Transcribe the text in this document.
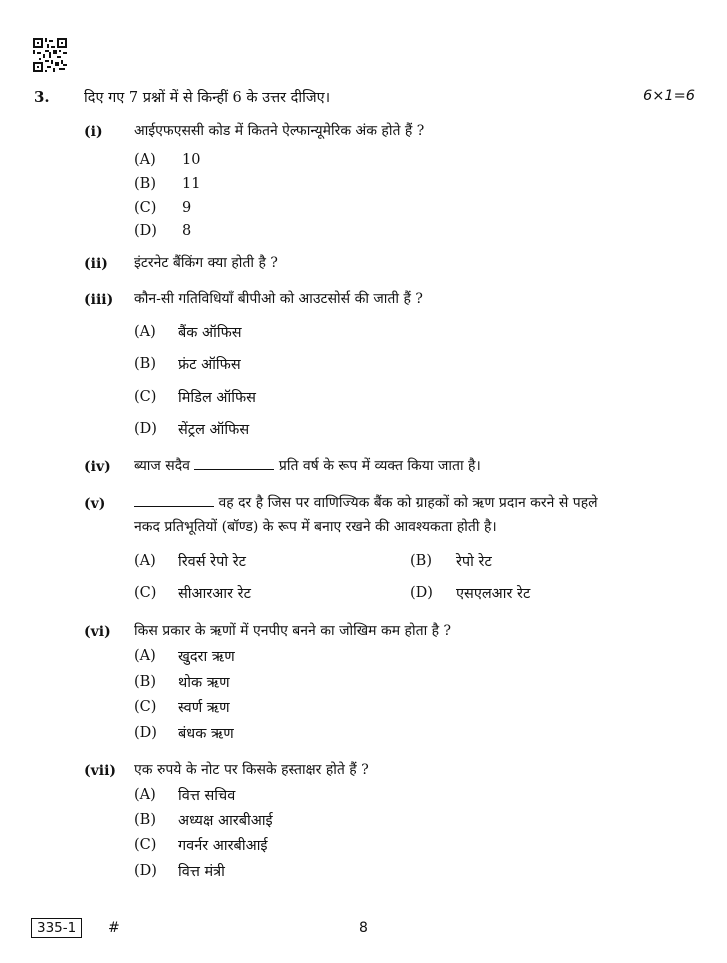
3. दिए गए 7 प्रश्नों में से किन्हीं 6 के उत्तर दीजिए।	6×1=6
(i) आईएफएससी कोड में कितने ऐल्फान्यूमेरिक अंक होते हैं ?
(A) 10
(B) 11
(C) 9
(D) 8
(ii) इंटरनेट बैंकिंग क्या होती है ?
(iii) कौन-सी गतिविधियाँ बीपीओ को आउटसोर्स की जाती हैं ?
(A) बैंक ऑफिस
(B) फ्रंट ऑफिस
(C) मिडिल ऑफिस
(D) सेंट्रल ऑफिस
(iv) ब्याज सदैव	प्रति वर्ष के रूप में व्यक्त किया जाता है।
(v)	वह दर है जिस पर वाणिज्यिक बैंक को ग्राहकों को ऋण प्रदान करने से पहले
नकद प्रतिभूतियों (बॉण्ड) के रूप में बनाए रखने की आवश्यकता होती है।
(A) रिवर्स रेपो रेट	(B) रेपो रेट
(C) सीआरआर रेट	(D) एसएलआर रेट
(vi) किस प्रकार के ऋणों में एनपीए बनने का जोखिम कम होता है ?
(A) खुदरा ऋण
(B) थोक ऋण
(C) स्वर्ण ऋण
(D) बंधक ऋण
(vii) एक रुपये के नोट पर किसके हस्ताक्षर होते हैं ?
(A) वित्त सचिव
(B) अध्यक्ष आरबीआई
(C) गवर्नर आरबीआई
(D) वित्त मंत्री
335-1	#	8
